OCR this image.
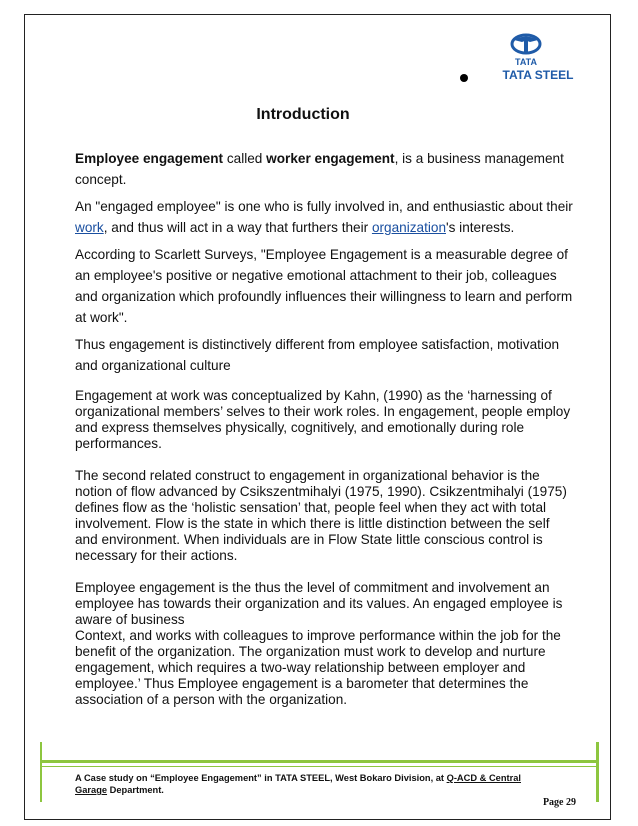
TATA
TATA STEEL
Introduction

Employee engagement called worker engagement, is a business management concept.

An "engaged employee" is one who is fully involved in, and enthusiastic about their work, and thus will act in a way that furthers their organization's interests.

According to Scarlett Surveys, "Employee Engagement is a measurable degree of an employee's positive or negative emotional attachment to their job, colleagues and organization which profoundly influences their willingness to learn and perform at work".

Thus engagement is distinctively different from employee satisfaction, motivation and organizational culture

Engagement at work was conceptualized by Kahn, (1990) as the ‘harnessing of organizational members’ selves to their work roles. In engagement, people employ and express themselves physically, cognitively, and emotionally during role performances.

The second related construct to engagement in organizational behavior is the notion of flow advanced by Csikszentmihalyi (1975, 1990). Csikzentmihalyi (1975) defines flow as the ‘holistic sensation’ that, people feel when they act with total involvement. Flow is the state in which there is little distinction between the self and environment. When individuals are in Flow State little conscious control is necessary for their actions.

Employee engagement is the thus the level of commitment and involvement an employee has towards their organization and its values. An engaged employee is aware of business
Context, and works with colleagues to improve performance within the job for the benefit of the organization. The organization must work to develop and nurture engagement, which requires a two-way relationship between employer and employee.’ Thus Employee engagement is a barometer that determines the association of a person with the organization.

A Case study on “Employee Engagement” in TATA STEEL, West Bokaro Division, at Q-ACD & Central Garage Department.
Page 29
